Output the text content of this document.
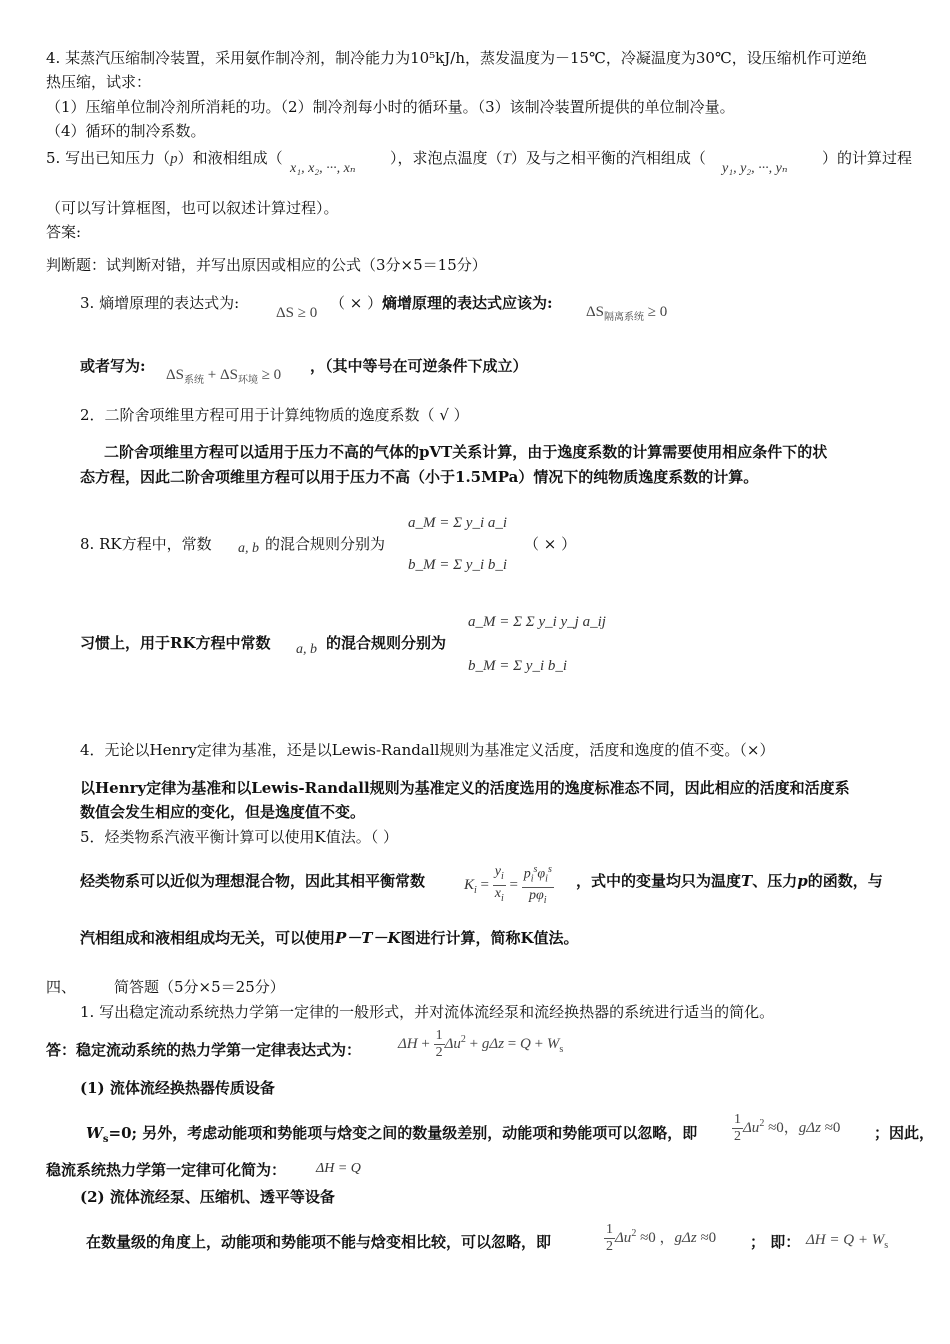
4. 某蒸汽压缩制冷装置，采用氨作制冷剂，制冷能力为10⁵kJ/h，蒸发温度为－15℃，冷凝温度为30℃，设压缩机作可逆绝
热压缩，试求：
（1）压缩单位制冷剂所消耗的功。（2）制冷剂每小时的循环量。（3）该制冷装置所提供的单位制冷量。
（4）循环的制冷系数。
5. 写出已知压力（p）和液相组成（
x₁, x₂, ···, xₙ
），求泡点温度（T）及与之相平衡的汽相组成（
y₁, y₂, ···, yₙ
）的计算过程
（可以写计算框图，也可以叙述计算过程）。
答案:
判断题：试判断对错，并写出原因或相应的公式（3分×5＝15分）
3. 熵增原理的表达式为:
ΔS ≥ 0
（ × ） 熵增原理的表达式应该为: $\Delta S_{隔离系统} \ge 0$
或者写为: $\Delta S_{系统} + \Delta S_{环境} \ge 0$ ，（其中等号在可逆条件下成立）
2．二阶舍项维里方程可用于计算纯物质的逸度系数（ √ ）
二阶舍项维里方程可以适用于压力不高的气体的pVT关系计算，由于逸度系数的计算需要使用相应条件下的状
态方程，因此二阶舍项维里方程可以用于压力不高（小于1.5MPa）情况下的纯物质逸度系数的计算。
8. RK方程中，常数 a, b 的混合规则分别为
a_M = Σ y_i a_i
b_M = Σ y_i b_i
（ × ）
习惯上，用于RK方程中常数 a, b 的混合规则分别为
a_M = Σ Σ y_i y_j a_ij
b_M = Σ y_i b_i
4．无论以Henry定律为基准，还是以Lewis-Randall规则为基准定义活度，活度和逸度的值不变。（×）
以Henry定律为基准和以Lewis-Randall规则为基准定义的活度选用的逸度标准态不同，因此相应的活度和活度系
数值会发生相应的变化，但是逸度值不变。
5．烃类物系汽液平衡计算可以使用K值法。（ ）
烃类物系可以近似为理想混合物，因此其相平衡常数	$K_i = \frac{y_i}{x_i} = \frac{p_i^s\varphi_i^s}{p\varphi_i}$ ，式中的变量均只为温度T、压力p的函数，与
汽相组成和液相组成均无关，可以使用P－T－K图进行计算，简称K值法。
四、	简答题（5分×5＝25分）
1. 写出稳定流动系统热力学第一定律的一般形式，并对流体流经泵和流经换热器的系统进行适当的简化。
答：稳定流动系统的热力学第一定律表达式为： $\Delta H + \frac{1}{2} \Delta u^2 + g\Delta z = Q + W_s$
(1) 流体流经换热器传质设备
$W_s=0$; 另外，考虑动能项和势能项与焓变之间的数量级差别，动能项和势能项可以忽略，即 $\frac{1}{2} \Delta u^2 \approx 0$，gΔz ≈0 ；因此，
稳流系统热力学第一定律可化简为： ΔH = Q
(2) 流体流经泵、压缩机、透平等设备
在数量级的角度上，动能项和势能项不能与焓变相比较，可以忽略，即	$\frac{1}{2} \Delta u^2 \approx 0$ ，gΔz ≈0 ； 即： $\Delta H = Q + W_s$
